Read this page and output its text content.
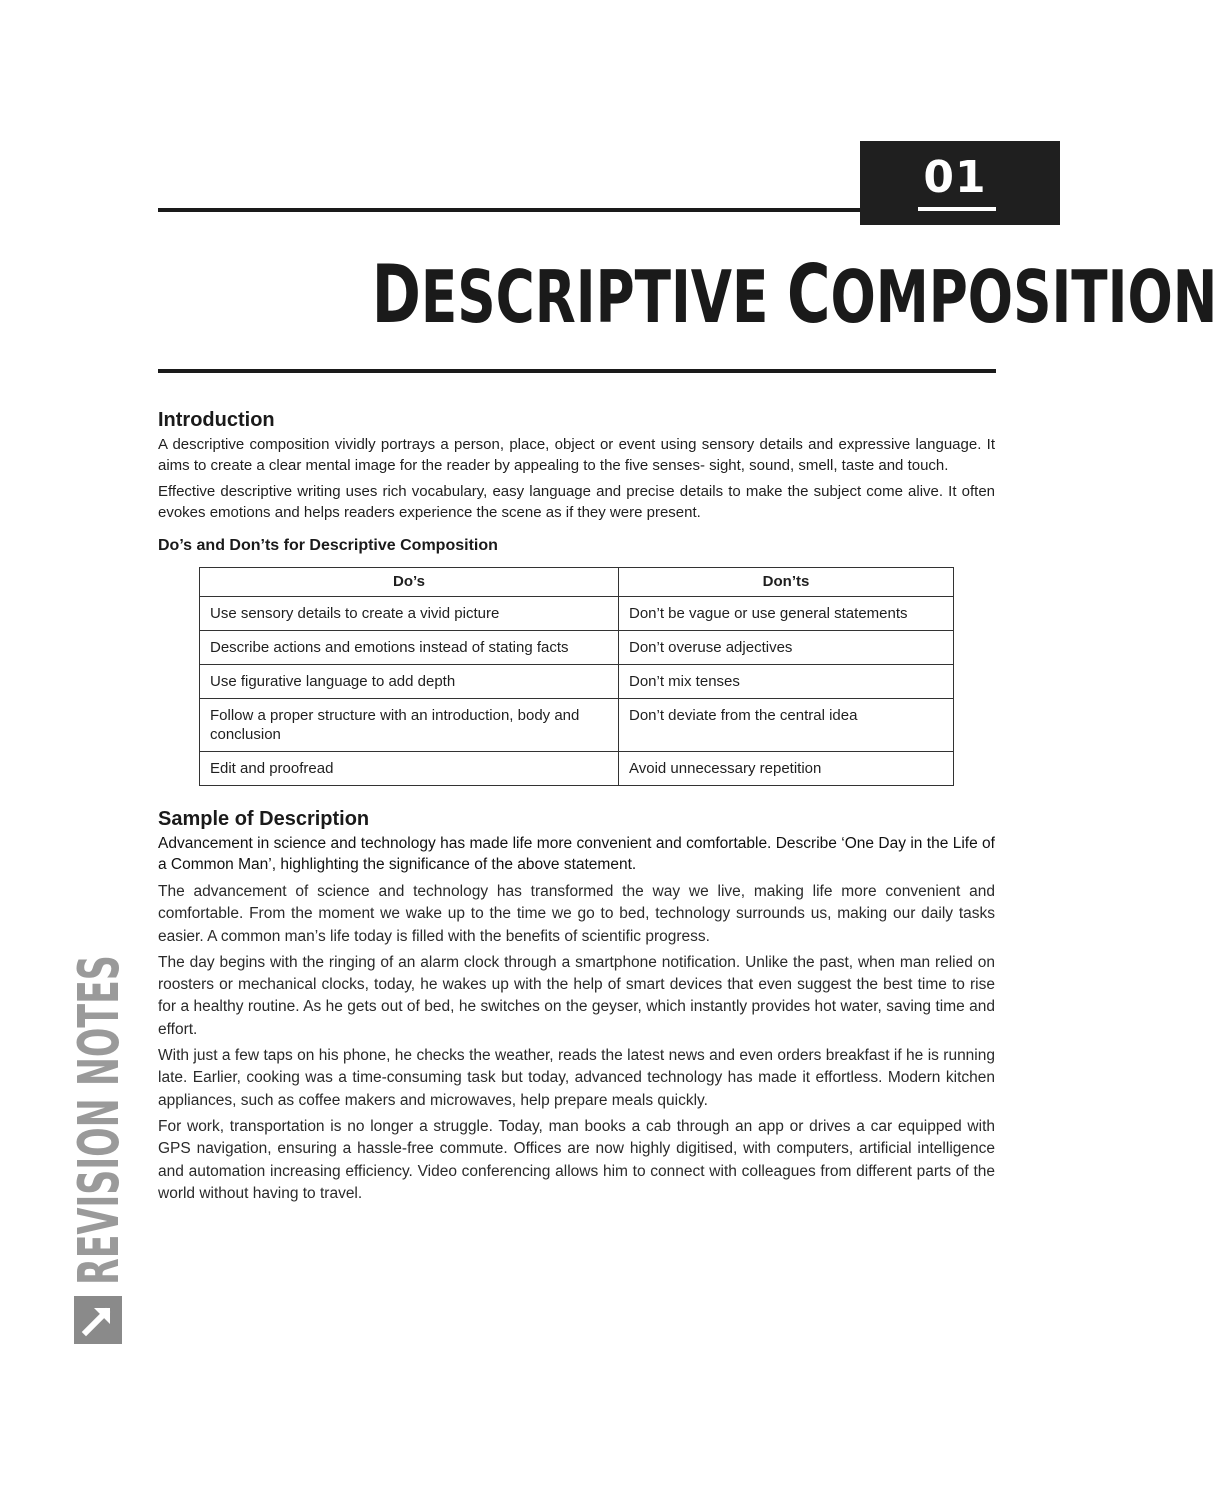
01
DESCRIPTIVE COMPOSITION
Introduction

A descriptive composition vividly portrays a person, place, object or event using sensory details and expressive language. It aims to create a clear mental image for the reader by appealing to the five senses- sight, sound, smell, taste and touch.

Effective descriptive writing uses rich vocabulary, easy language and precise details to make the subject come alive. It often evokes emotions and helps readers experience the scene as if they were present.

Do’s and Don’ts for Descriptive Composition
Do’s	Don’ts
Use sensory details to create a vivid picture	Don’t be vague or use general statements
Describe actions and emotions instead of stating facts	Don’t overuse adjectives
Use figurative language to add depth	Don’t mix tenses
Follow a proper structure with an introduction, body and conclusion	Don’t deviate from the central idea
Edit and proofread	Avoid unnecessary repetition
Sample of Description

Advancement in science and technology has made life more convenient and comfortable. Describe ‘One Day in the Life of a Common Man’, highlighting the significance of the above statement.

The advancement of science and technology has transformed the way we live, making life more convenient and comfortable. From the moment we wake up to the time we go to bed, technology surrounds us, making our daily tasks easier. A common man’s life today is filled with the benefits of scientific progress.

The day begins with the ringing of an alarm clock through a smartphone notification. Unlike the past, when man relied on roosters or mechanical clocks, today, he wakes up with the help of smart devices that even suggest the best time to rise for a healthy routine. As he gets out of bed, he switches on the geyser, which instantly provides hot water, saving time and effort.

With just a few taps on his phone, he checks the weather, reads the latest news and even orders breakfast if he is running late. Earlier, cooking was a time-consuming task but today, advanced technology has made it effortless. Modern kitchen appliances, such as coffee makers and microwaves, help prepare meals quickly.

For work, transportation is no longer a struggle. Today, man books a cab through an app or drives a car equipped with GPS navigation, ensuring a hassle-free commute. Offices are now highly digitised, with computers, artificial intelligence and automation increasing efficiency. Video conferencing allows him to connect with colleagues from different parts of the world without having to travel.

REVISION NOTES
